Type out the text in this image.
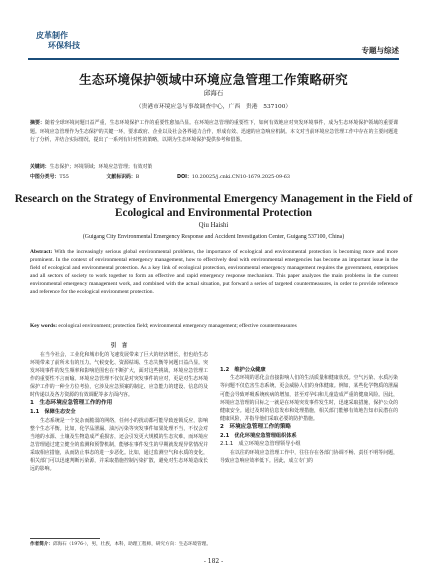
皮革制作
环保科技
专题与综述
生态环境保护领域中环境应急管理工作策略研究
邱海石
（贵港市环境应急与事故调查中心，广西　贵港　537100）
摘要：随着全球环境问题日益严重，生态环境保护工作的重要性愈加凸显。在环境应急管理的重要性下，如何有效地应对突发环境事件，成为生态环境保护领域的重要课题。环境应急管理作为生态保护的关键一环，要求政府、企业以及社会各界通力合作，形成有效、迅速的应急响应机制。本文对当前环境应急管理工作中存在的主要问题进行了分析，并结合实际情况，提出了一系列有针对性的策略，以期为生态环境保护提供参考和借鉴。
关键词：生态保护；环境领域；环境应急管理；有效对策
中图分类号：T55	文献标识码：B	DOI：10.20025/j.cnki.CN10-1679.2025-09-63
Research on the Strategy of Environmental Emergency Management in the Field of Ecological and Environmental Protection
Qiu Haishi
(Guigang City Environmental Emergency Response and Accident Investigation Center, Guigang 537100, China)
Abstract: With the increasingly serious global environmental problems, the importance of ecological and environmental protection is becoming more and more prominent. In the context of environmental emergency management, how to effectively deal with environmental emergencies has become an important issue in the field of ecological and environmental protection. As a key link of ecological protection, environmental emergency management requires the government, enterprises and all sectors of society to work together to form an effective and rapid emergency response mechanism. This paper analyzes the main problems in the current environmental emergency management work, and combined with the actual situation, put forward a series of targeted countermeasures, in order to provide reference and reference for the ecological environment protection.
Key words: ecological environment; protection field; environmental emergency management; effective countermeasures
引　言

在当今社会，工业化和城市化的飞速发展带来了巨大的经济增长，但也给生态环境带来了前所未有的压力。气候变化、资源枯竭、生态失衡等问题日益凸显。突发环境事件的发生频率和影响范围也在不断扩大，面对这些挑战，环境应急管理工作的重要性不言而喻。环境应急管理不仅仅是对突发事件的应对，更是对生态环境保护工作的一种全方位考验，它涉及应急预案的制定、应急能力的建设、信息的及时传递以及各方资源的有效调配等多方面内容。

1　生态环境应急管理工作的作用
1.1　保障生态安全

生态系统是一个复杂而脆弱的网络，任何小的扰动都可能导致连锁反应，影响整个生态平衡。比如，化学品泄漏、油污污染等突发事件如果处理不当，不仅会对当地的水源、土壤及生物造成严重损害，还会引发更大规模的生态灾难。而环境应急管理通过建立健全的监测和预警机制，能够在事件发生的早期就发现异常情况并采取相应措施，从而防止事态的进一步恶化。比如，通过监测空气和水质的变化，相关部门可以迅速判断污染源，并采取措施控制污染扩散，避免对生态环境造成长远的影响。

1.2　维护公众健康

生态环境的恶化会直接影响人们的生活质量和健康状况。空气污染、水质污染等问题不仅危害生态系统，更会威胁人们的身体健康。例如，某些化学物质的泄漏可能会导致呼吸系统疾病的增加，甚至对孕妇和儿童造成严重的健康风险。因此，环境应急管理的目标之一就是在环境突发事件发生时，迅速采取措施，保护公众的健康安全。通过及时的信息发布和处理措施，相关部门能够有效地告知市民潜在的健康风险，并指导他们采取必要的防护措施。

2　环境应急管理工作的策略
2.1　优化环境应急管理组织体系
2.1.1　成立环境应急管理领导小组

在以往的环境应急管理工作中，往往存在各部门协调不畅、责任不明等问题，导致应急响应效率低下。因此，成立专门的

作者简介：邱海石（1976-），男，壮族，本科，助理工程师，研究方向：生态环境管理。
- 182 -
